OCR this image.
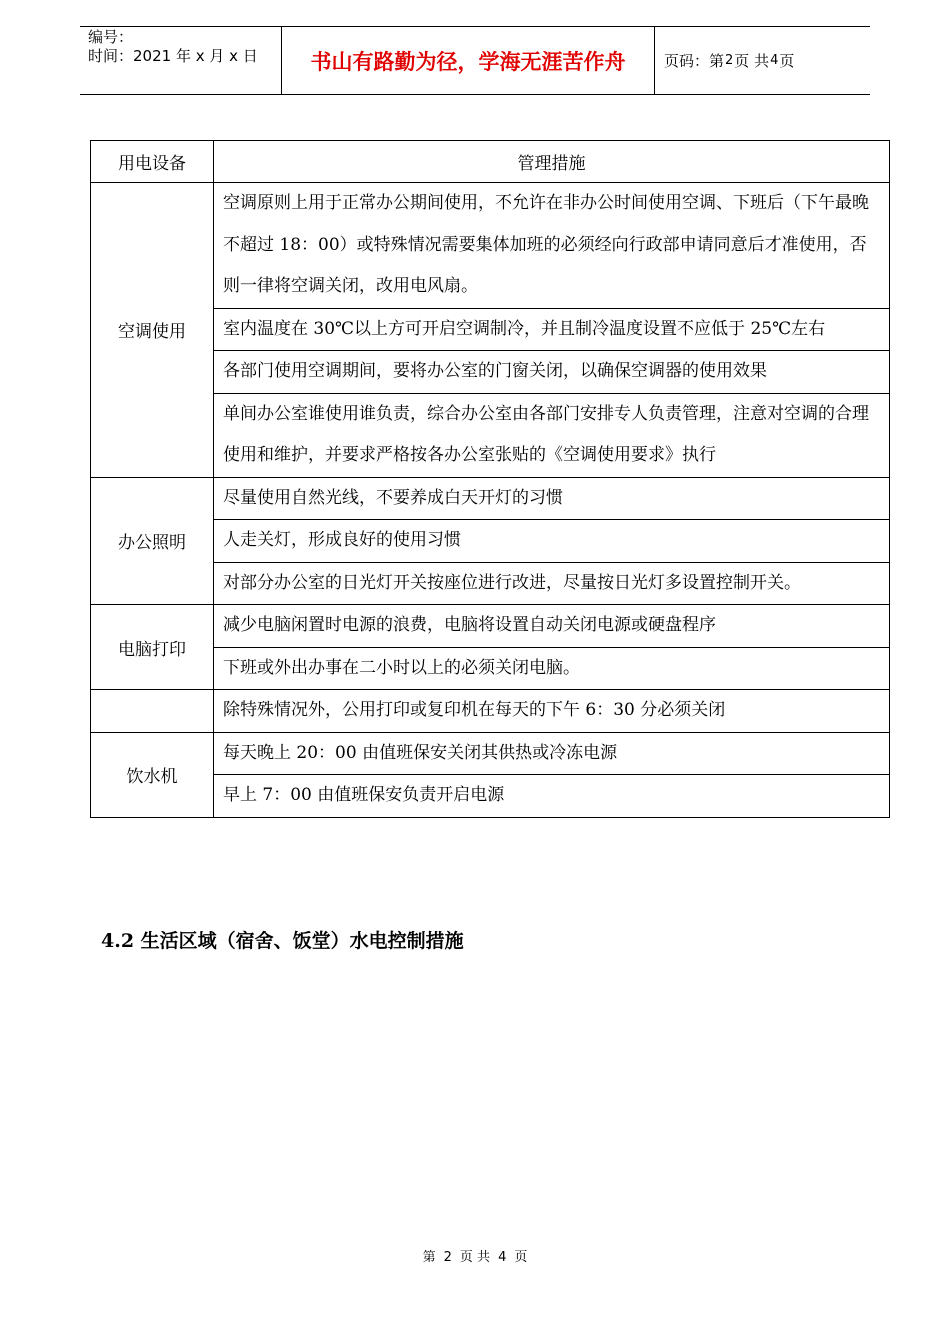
编号：
时间：2021 年 x 月 x 日	书山有路勤为径，学海无涯苦作舟	页码：第 2 页 共 4 页
用电设备	管理措施
空调使用	空调原则上用于正常办公期间使用，不允许在非办公时间使用空调、下班后（下午最晚不超过 18：00）或特殊情况需要集体加班的必须经向行政部申请同意后才准使用，否则一律将空调关闭，改用电风扇。
	室内温度在 30℃以上方可开启空调制冷，并且制冷温度设置不应低于 25℃左右
	各部门使用空调期间，要将办公室的门窗关闭，以确保空调器的使用效果
	单间办公室谁使用谁负责，综合办公室由各部门安排专人负责管理，注意对空调的合理使用和维护，并要求严格按各办公室张贴的《空调使用要求》执行
办公照明	尽量使用自然光线，不要养成白天开灯的习惯
	人走关灯，形成良好的使用习惯
	对部分办公室的日光灯开关按座位进行改进，尽量按日光灯多设置控制开关。
电脑打印	减少电脑闲置时电源的浪费，电脑将设置自动关闭电源或硬盘程序
	下班或外出办事在二小时以上的必须关闭电脑。
	除特殊情况外，公用打印或复印机在每天的下午 6：30 分必须关闭
饮水机	每天晚上 20：00 由值班保安关闭其供热或冷冻电源
	早上 7：00 由值班保安负责开启电源
4.2 生活区域（宿舍、饭堂）水电控制措施
第 2 页 共 4 页
